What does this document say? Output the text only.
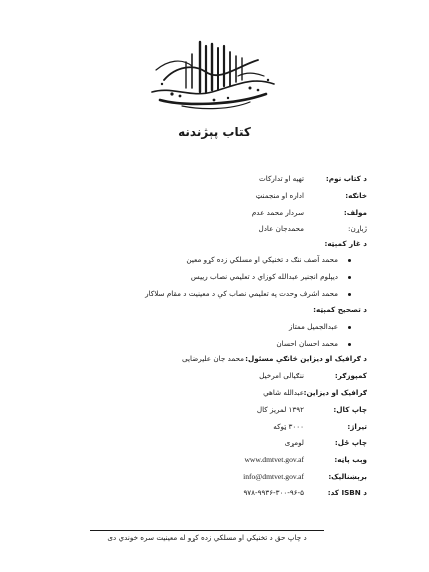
کتاب پېژندنه
د کتاب نوم:
تهیه او تدارکات
خانګه:
اداره او منجمنټ
مولف:
سردار محمد عدم
ژباړن:
محمدجان عادل
د غار کمېټه:
محمد آصف ننګ د تخنیکي او مسلکي زده کړو معین
دیپلوم انجنیر عبدالله کوزاي د تعلیمي نصاب رییس
محمد اشرف وحدت په تعلیمي نصاب کې د معینیت د مقام سلاکار
د تصحیح کمېټه:
عبدالجمیل ممتاز
محمد احسان احسان
د ګرافیک او دیزاین څانګې مسئول:
محمد جان علیرضایی
کمپوزګر:
ننګیالی امرخیل
ګرافیک او دیزاین:
عبدالله شاهي
چاپ کال:
۱۳۹۲ لمریز کال
تیراژ:
۳۰۰۰ ټوکه
چاپ ځل:
لومړی
وېب پاڼه:
www.dmtvet.gov.af
برېښنالیک:
info@dmtvet.gov.af
د ISBN کد:
۹۷۸-۹۹۳۶-۳۰۰-۹۶-۵
د چاپ حق د تخنیکي او مسلکي زده کړو له معینیت سره خوندي دی
